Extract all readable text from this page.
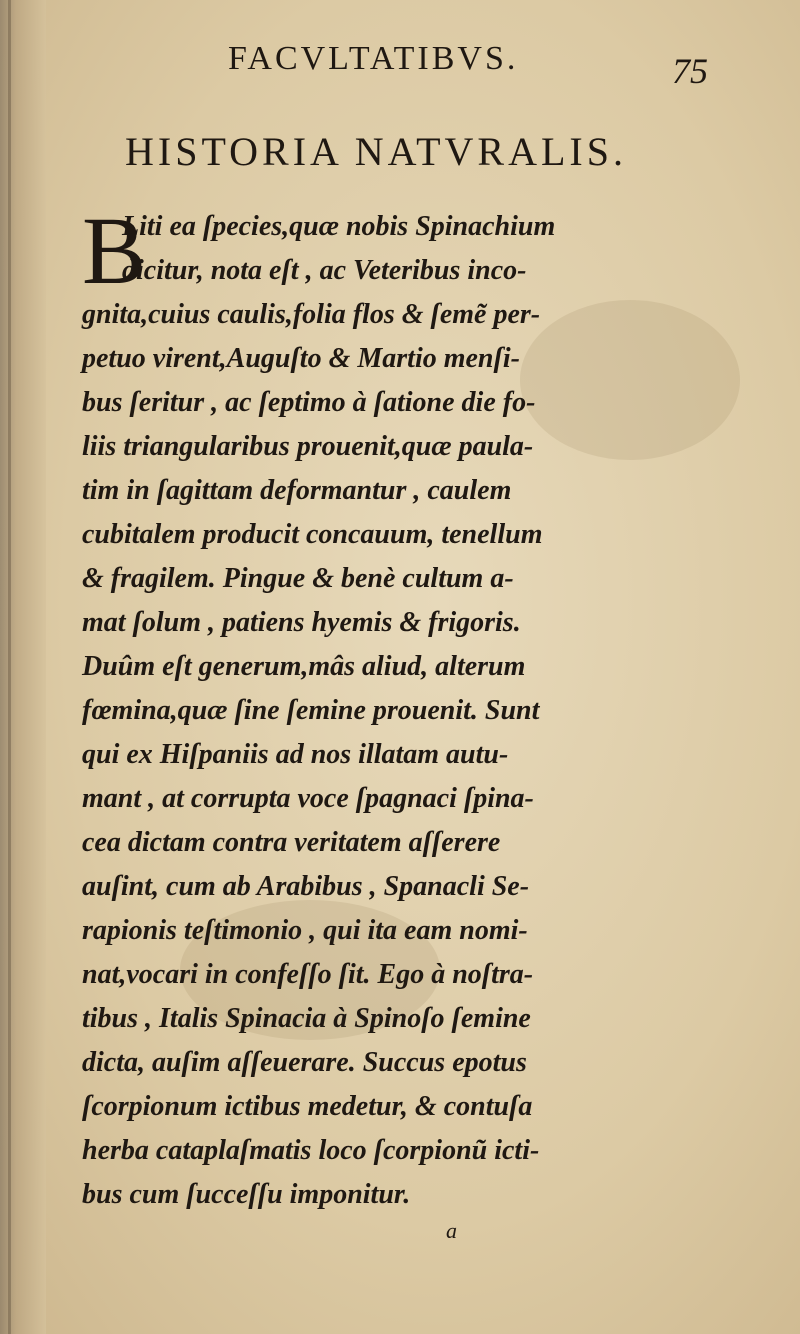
FACVLTATIBVS.	75
HISTORIA NATVRALIS.
B
Liti ea ſpecies,quæ nobis Spinachium
dicitur, nota eſt , ac Veteribus inco-
gnita,cuius caulis,folia flos & ſemẽ per-
petuo virent,Auguſto & Martio menſi-
bus ſeritur , ac ſeptimo à ſatione die fo-
liis triangularibus prouenit,quæ paula-
tim in ſagittam deformantur , caulem
cubitalem producit concauum, tenellum
& fragilem. Pingue & benè cultum a-
mat ſolum , patiens hyemis & frigoris.
Duûm eſt generum,mâs aliud, alterum
fœmina,quæ ſine ſemine prouenit. Sunt
qui ex Hiſpaniis ad nos illatam autu-
mant , at corrupta voce ſpagnaci ſpina-
cea dictam contra veritatem aſſerere
auſint, cum ab Arabibus , Spanacli Se-
rapionis teſtimonio , qui ita eam nomi-
nat,vocari in confeſſo ſit. Ego à noſtra-
tibus , Italis Spinacia à Spinoſo ſemine
dicta, auſim aſſeuerare. Succus epotus
ſcorpionum ictibus medetur, & contuſa
herba cataplaſmatis loco ſcorpionũ icti-
bus cum ſucceſſu imponitur.
a
